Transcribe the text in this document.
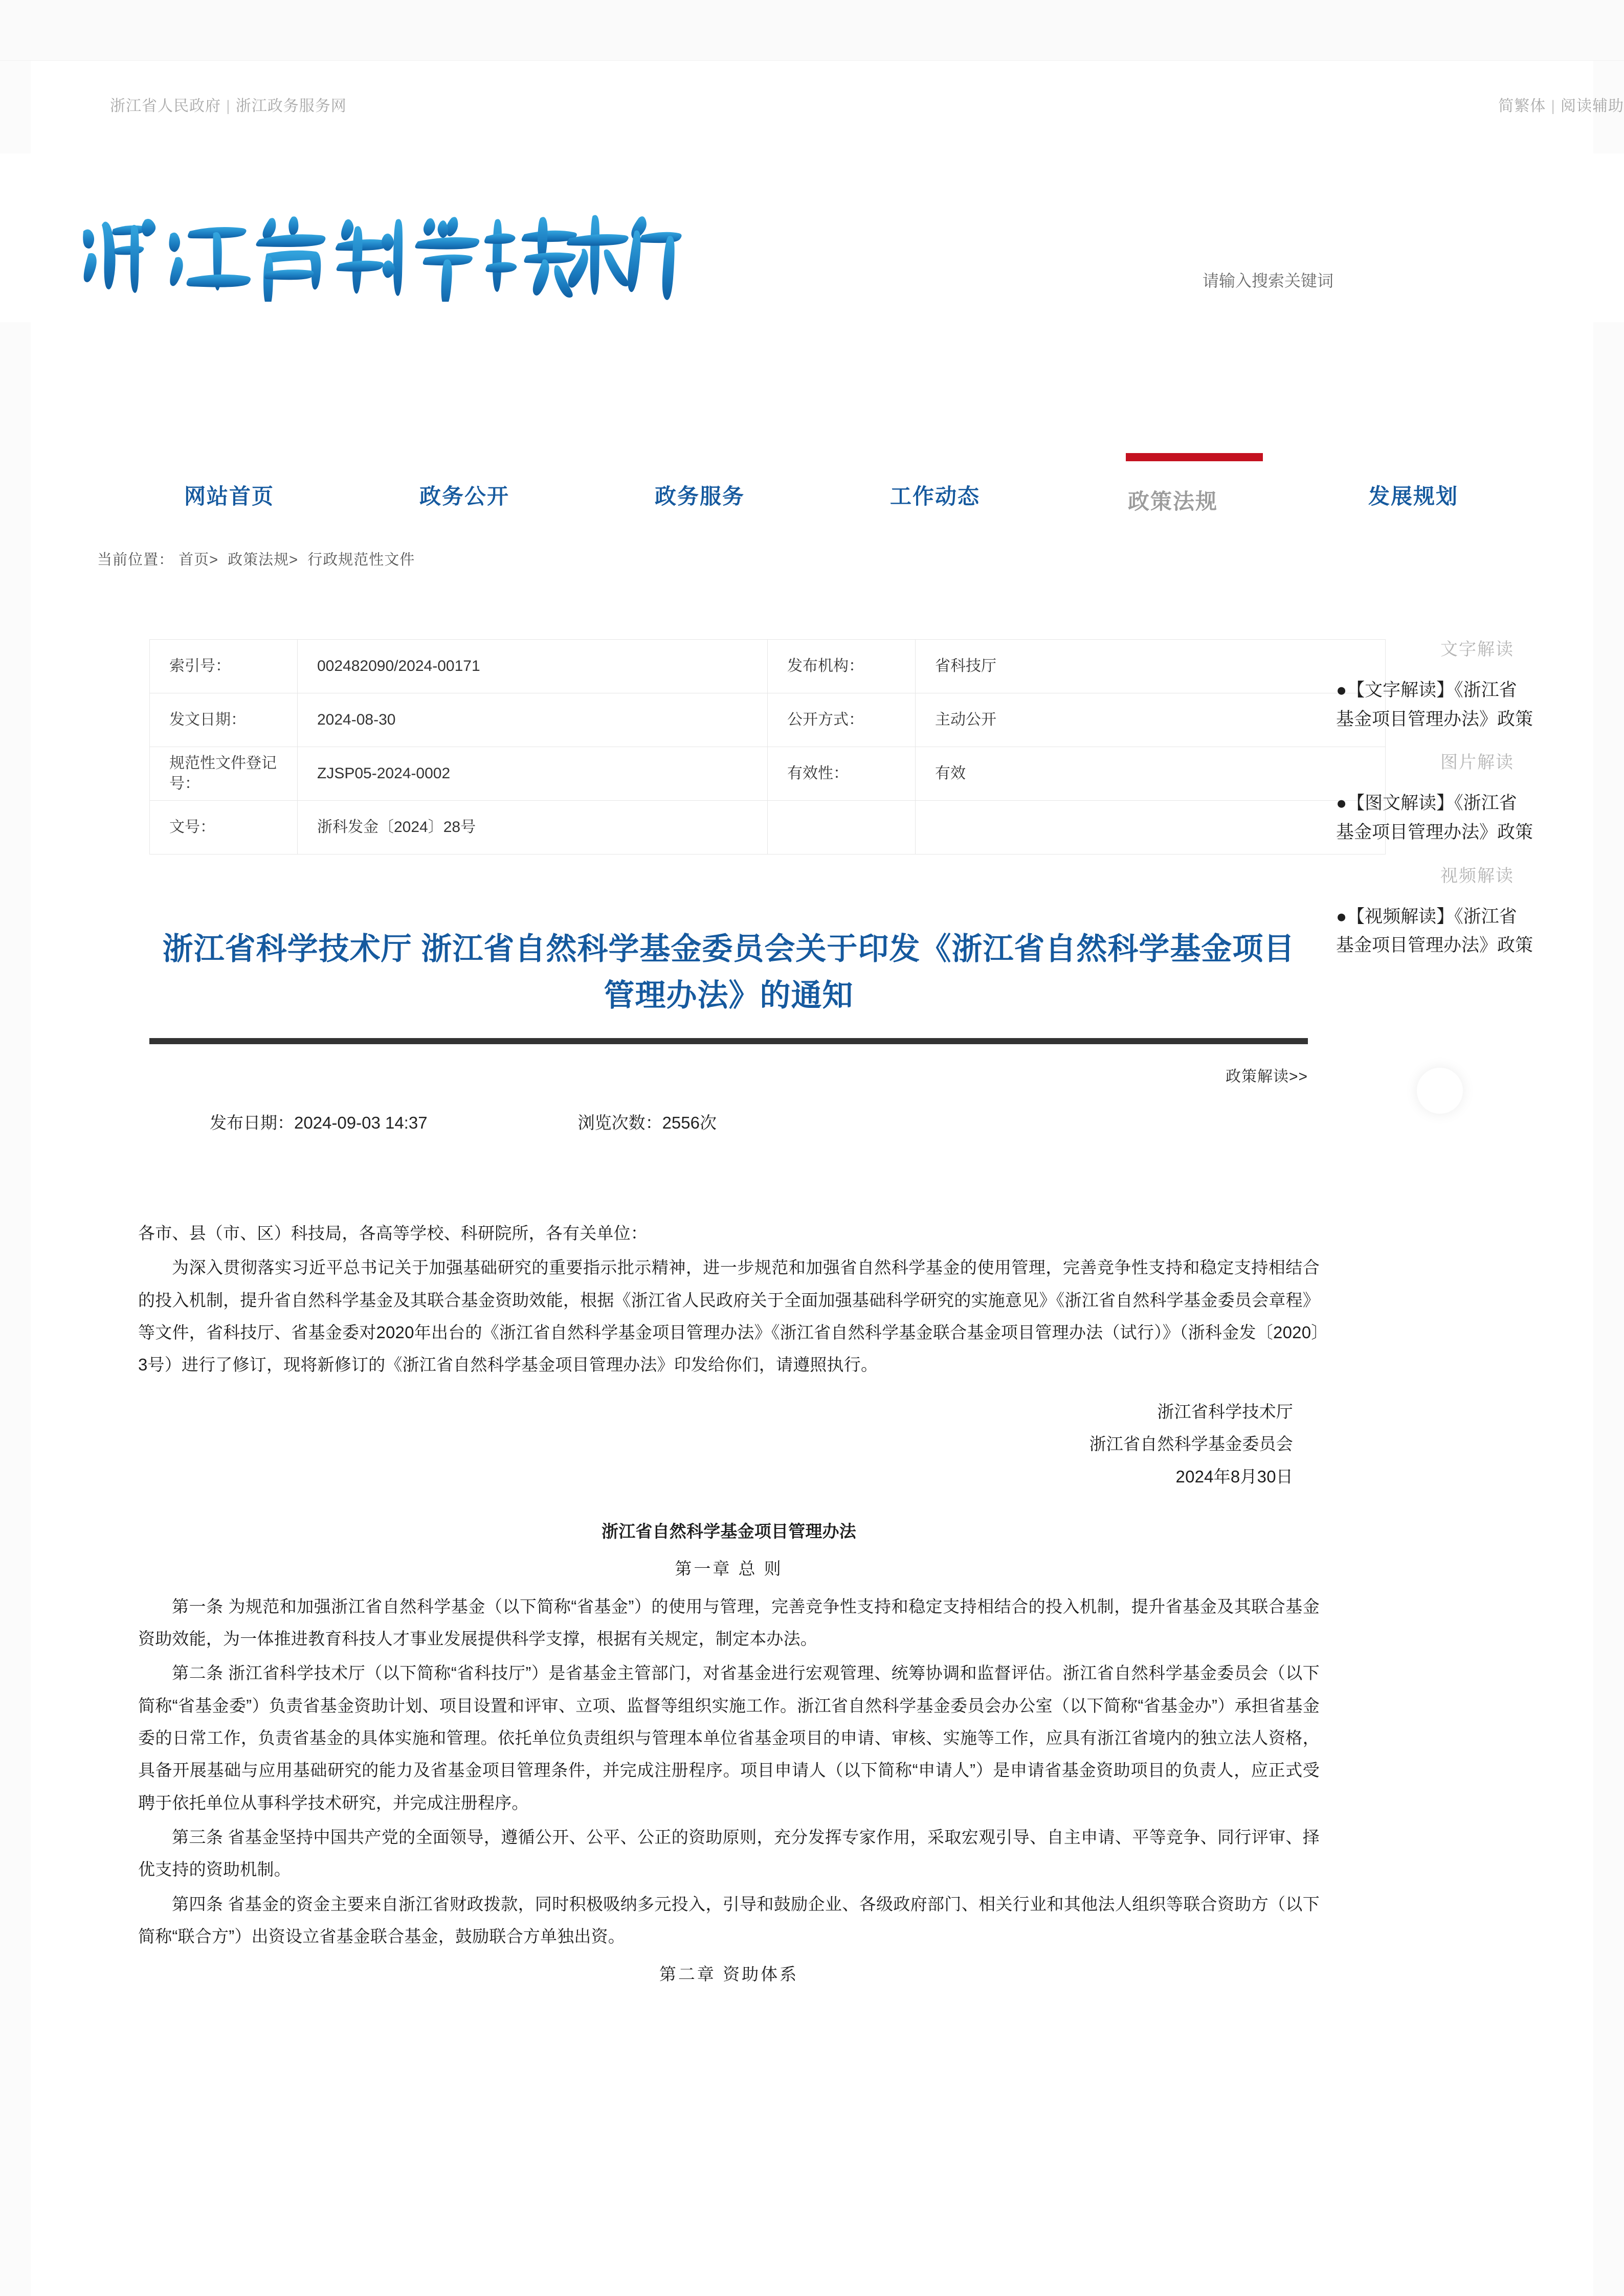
浙江省人民政府 | 浙江政务服务网	简繁体 | 阅读辅助
请输入搜索关键词
网站首页	政务公开	政务服务	工作动态	政策法规	发展规划
当前位置： 首页> 政策法规> 行政规范性文件
索引号：	002482090/2024-00171	发布机构：	省科技厅
发文日期：	2024-08-30	公开方式：	主动公开
规范性文件登记号：	ZJSP05-2024-0002	有效性：	有效
文号：	浙科发金〔2024〕28号		
文字解读
●【文字解读】《浙江省
基金项目管理办法》政策
图片解读
●【图文解读】《浙江省
基金项目管理办法》政策
视频解读
●【视频解读】《浙江省
基金项目管理办法》政策
浙江省科学技术厅 浙江省自然科学基金委员会关于印发《浙江省自然科学基金项目管理办法》的通知
政策解读>>
发布日期：2024-09-03 14:37	浏览次数：2556次

各市、县（市、区）科技局，各高等学校、科研院所，各有关单位：

为深入贯彻落实习近平总书记关于加强基础研究的重要指示批示精神，进一步规范和加强省自然科学基金的使用管理，完善竞争性支持和稳定支持相结合的投入机制，提升省自然科学基金及其联合基金资助效能，根据《浙江省人民政府关于全面加强基础科学研究的实施意见》《浙江省自然科学基金委员会章程》等文件，省科技厅、省基金委对2020年出台的《浙江省自然科学基金项目管理办法》《浙江省自然科学基金联合基金项目管理办法（试行）》（浙科金发〔2020〕3号）进行了修订，现将新修订的《浙江省自然科学基金项目管理办法》印发给你们，请遵照执行。

浙江省科学技术厅
浙江省自然科学基金委员会
2024年8月30日
浙江省自然科学基金项目管理办法
第一章 总 则

第一条 为规范和加强浙江省自然科学基金（以下简称“省基金”）的使用与管理，完善竞争性支持和稳定支持相结合的投入机制，提升省基金及其联合基金资助效能，为一体推进教育科技人才事业发展提供科学支撑，根据有关规定，制定本办法。

第二条 浙江省科学技术厅（以下简称“省科技厅”）是省基金主管部门，对省基金进行宏观管理、统筹协调和监督评估。浙江省自然科学基金委员会（以下简称“省基金委”）负责省基金资助计划、项目设置和评审、立项、监督等组织实施工作。浙江省自然科学基金委员会办公室（以下简称“省基金办”）承担省基金委的日常工作，负责省基金的具体实施和管理。依托单位负责组织与管理本单位省基金项目的申请、审核、实施等工作，应具有浙江省境内的独立法人资格，具备开展基础与应用基础研究的能力及省基金项目管理条件，并完成注册程序。项目申请人（以下简称“申请人”）是申请省基金资助项目的负责人，应正式受聘于依托单位从事科学技术研究，并完成注册程序。

第三条 省基金坚持中国共产党的全面领导，遵循公开、公平、公正的资助原则，充分发挥专家作用，采取宏观引导、自主申请、平等竞争、同行评审、择优支持的资助机制。

第四条 省基金的资金主要来自浙江省财政拨款，同时积极吸纳多元投入，引导和鼓励企业、各级政府部门、相关行业和其他法人组织等联合资助方（以下简称“联合方”）出资设立省基金联合基金，鼓励联合方单独出资。

第二章 资助体系
